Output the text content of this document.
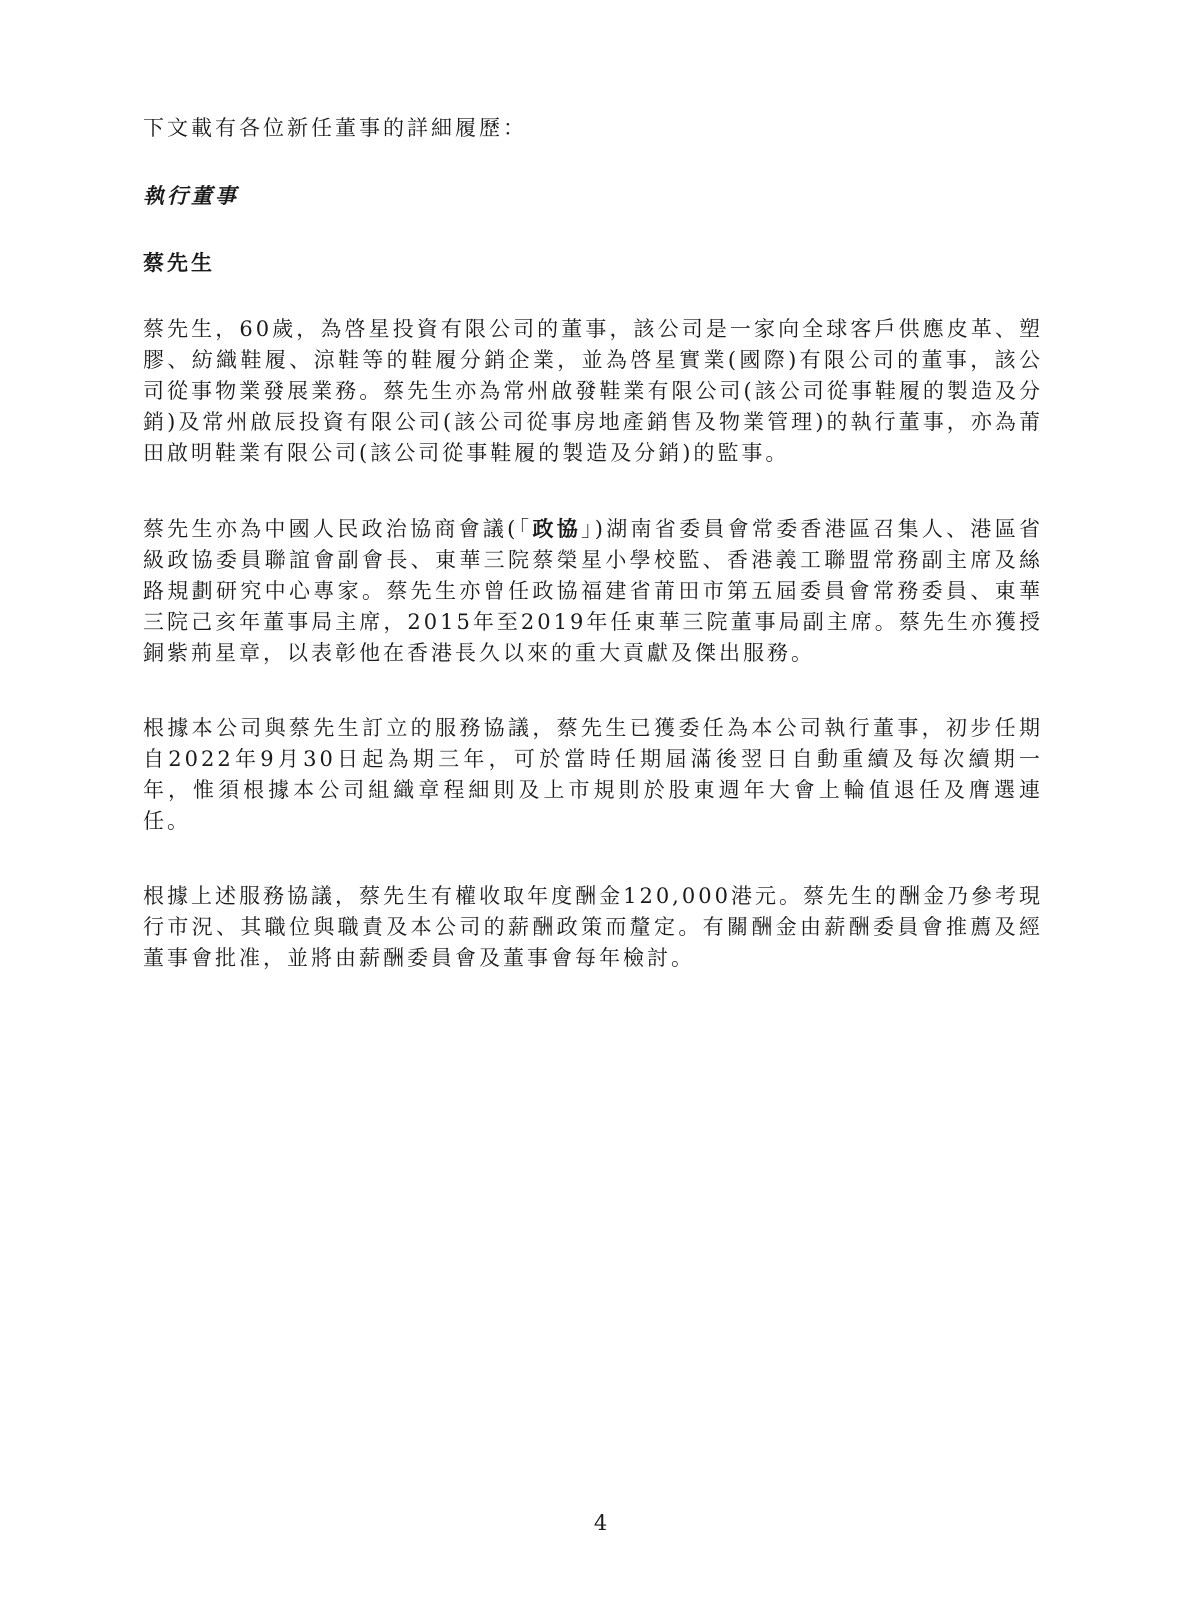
下文載有各位新任董事的詳細履歷：

執行董事

蔡先生

蔡先生，60歲，為啓星投資有限公司的董事，該公司是一家向全球客戶供應皮革、塑膠、紡織鞋履、涼鞋等的鞋履分銷企業，並為啓星實業(國際)有限公司的董事，該公司從事物業發展業務。蔡先生亦為常州啟發鞋業有限公司(該公司從事鞋履的製造及分銷)及常州啟辰投資有限公司(該公司從事房地產銷售及物業管理)的執行董事，亦為莆田啟明鞋業有限公司(該公司從事鞋履的製造及分銷)的監事。

蔡先生亦為中國人民政治協商會議(「政協」)湖南省委員會常委香港區召集人、港區省級政協委員聯誼會副會長、東華三院蔡榮星小學校監、香港義工聯盟常務副主席及絲路規劃研究中心專家。蔡先生亦曾任政協福建省莆田市第五屆委員會常務委員、東華三院己亥年董事局主席，2015年至2019年任東華三院董事局副主席。蔡先生亦獲授銅紫荊星章，以表彰他在香港長久以來的重大貢獻及傑出服務。

根據本公司與蔡先生訂立的服務協議，蔡先生已獲委任為本公司執行董事，初步任期自2022年9月30日起為期三年，可於當時任期屆滿後翌日自動重續及每次續期一年，惟須根據本公司組織章程細則及上市規則於股東週年大會上輪值退任及膺選連任。

根據上述服務協議，蔡先生有權收取年度酬金120,000港元。蔡先生的酬金乃參考現行市況、其職位與職責及本公司的薪酬政策而釐定。有關酬金由薪酬委員會推薦及經董事會批准，並將由薪酬委員會及董事會每年檢討。

4
